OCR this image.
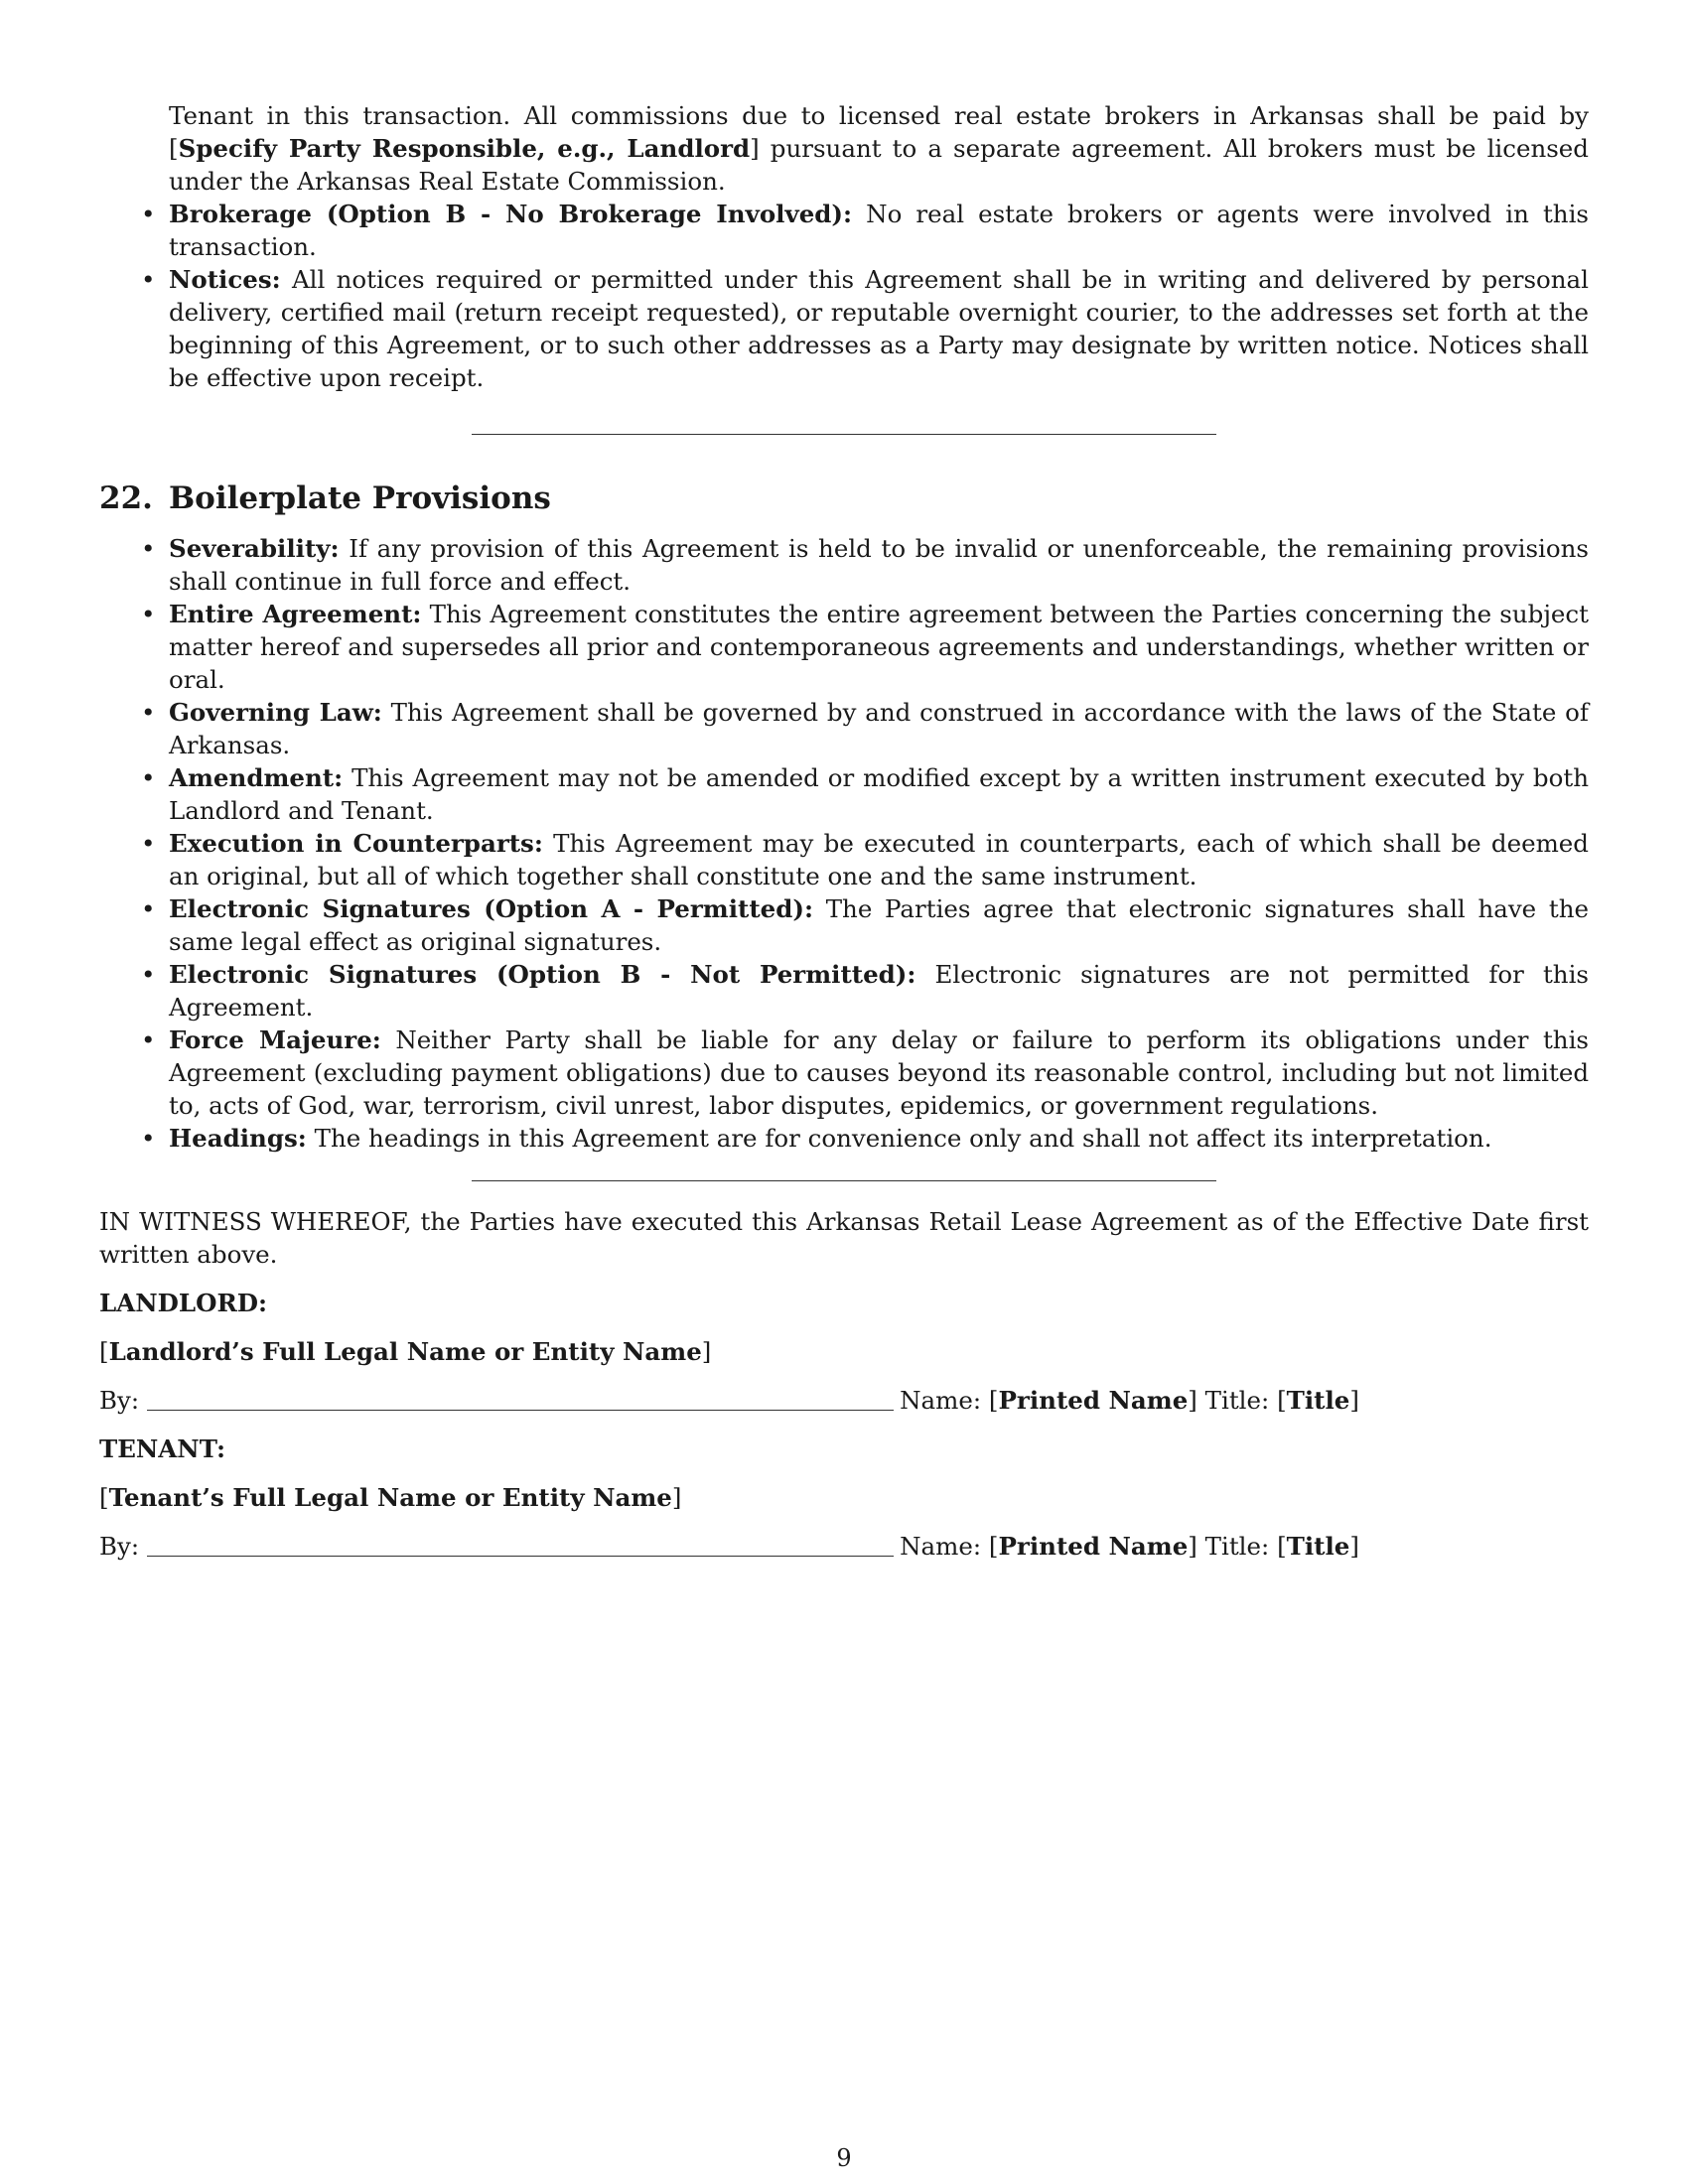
Tenant in this transaction. All commissions due to licensed real estate brokers in Arkansas shall be paid by [Specify Party Responsible, e.g., Landlord] pursuant to a separate agreement. All brokers must be licensed under the Arkansas Real Estate Commission.
• Brokerage (Option B - No Brokerage Involved): No real estate brokers or agents were involved in this transaction.
• Notices: All notices required or permitted under this Agreement shall be in writing and delivered by personal delivery, certified mail (return receipt requested), or reputable overnight courier, to the addresses set forth at the beginning of this Agreement, or to such other addresses as a Party may designate by written notice. Notices shall be effective upon receipt.
22. Boilerplate Provisions
• Severability: If any provision of this Agreement is held to be invalid or unenforceable, the remaining provisions shall continue in full force and effect.
• Entire Agreement: This Agreement constitutes the entire agreement between the Parties concerning the subject matter hereof and supersedes all prior and contemporaneous agreements and understandings, whether written or oral.
• Governing Law: This Agreement shall be governed by and construed in accordance with the laws of the State of Arkansas.
• Amendment: This Agreement may not be amended or modified except by a written instrument executed by both Landlord and Tenant.
• Execution in Counterparts: This Agreement may be executed in counterparts, each of which shall be deemed an original, but all of which together shall constitute one and the same instrument.
• Electronic Signatures (Option A - Permitted): The Parties agree that electronic signatures shall have the same legal effect as original signatures.
• Electronic Signatures (Option B - Not Permitted): Electronic signatures are not permitted for this Agreement.
• Force Majeure: Neither Party shall be liable for any delay or failure to perform its obligations under this Agreement (excluding payment obligations) due to causes beyond its reasonable control, including but not limited to, acts of God, war, terrorism, civil unrest, labor disputes, epidemics, or government regulations.
• Headings: The headings in this Agreement are for convenience only and shall not affect its interpretation.

IN WITNESS WHEREOF, the Parties have executed this Arkansas Retail Lease Agreement as of the Effective Date first written above.

LANDLORD:

[Landlord’s Full Legal Name or Entity Name]

By:	Name: [Printed Name] Title: [Title]

TENANT:

[Tenant’s Full Legal Name or Entity Name]

By:	Name: [Printed Name] Title: [Title]

9
